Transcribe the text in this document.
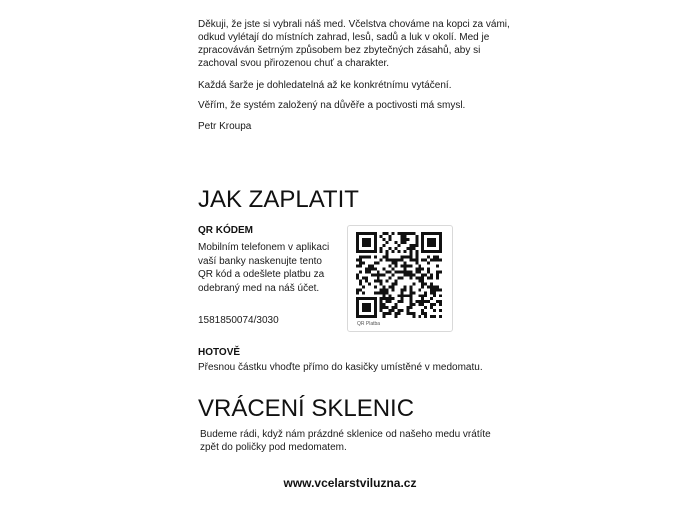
Děkuji, že jste si vybrali náš med. Včelstva chováme na kopci za vámi, odkud vylétají do místních zahrad, lesů, sadů a luk v okolí. Med je zpracováván šetrným způsobem bez zbytečných zásahů, aby si zachoval svou přirozenou chuť a charakter.

Každá šarže je dohledatelná až ke konkrétnímu vytáčení.

Věřím, že systém založený na důvěře a poctivosti má smysl.

Petr Kroupa

JAK ZAPLATIT
QR KÓDEM

Mobilním telefonem v aplikaci vaší banky naskenujte tento QR kód a odešlete platbu za odebraný med na náš účet.

1581850074/3030	QR Platba
HOTOVĚ

Přesnou částku vhoďte přímo do kasičky umístěné v medomatu.

VRÁCENÍ SKLENIC

Budeme rádi, když nám prázdné sklenice od našeho medu vrátíte zpět do poličky pod medomatem.

www.vcelarstviluzna.cz
